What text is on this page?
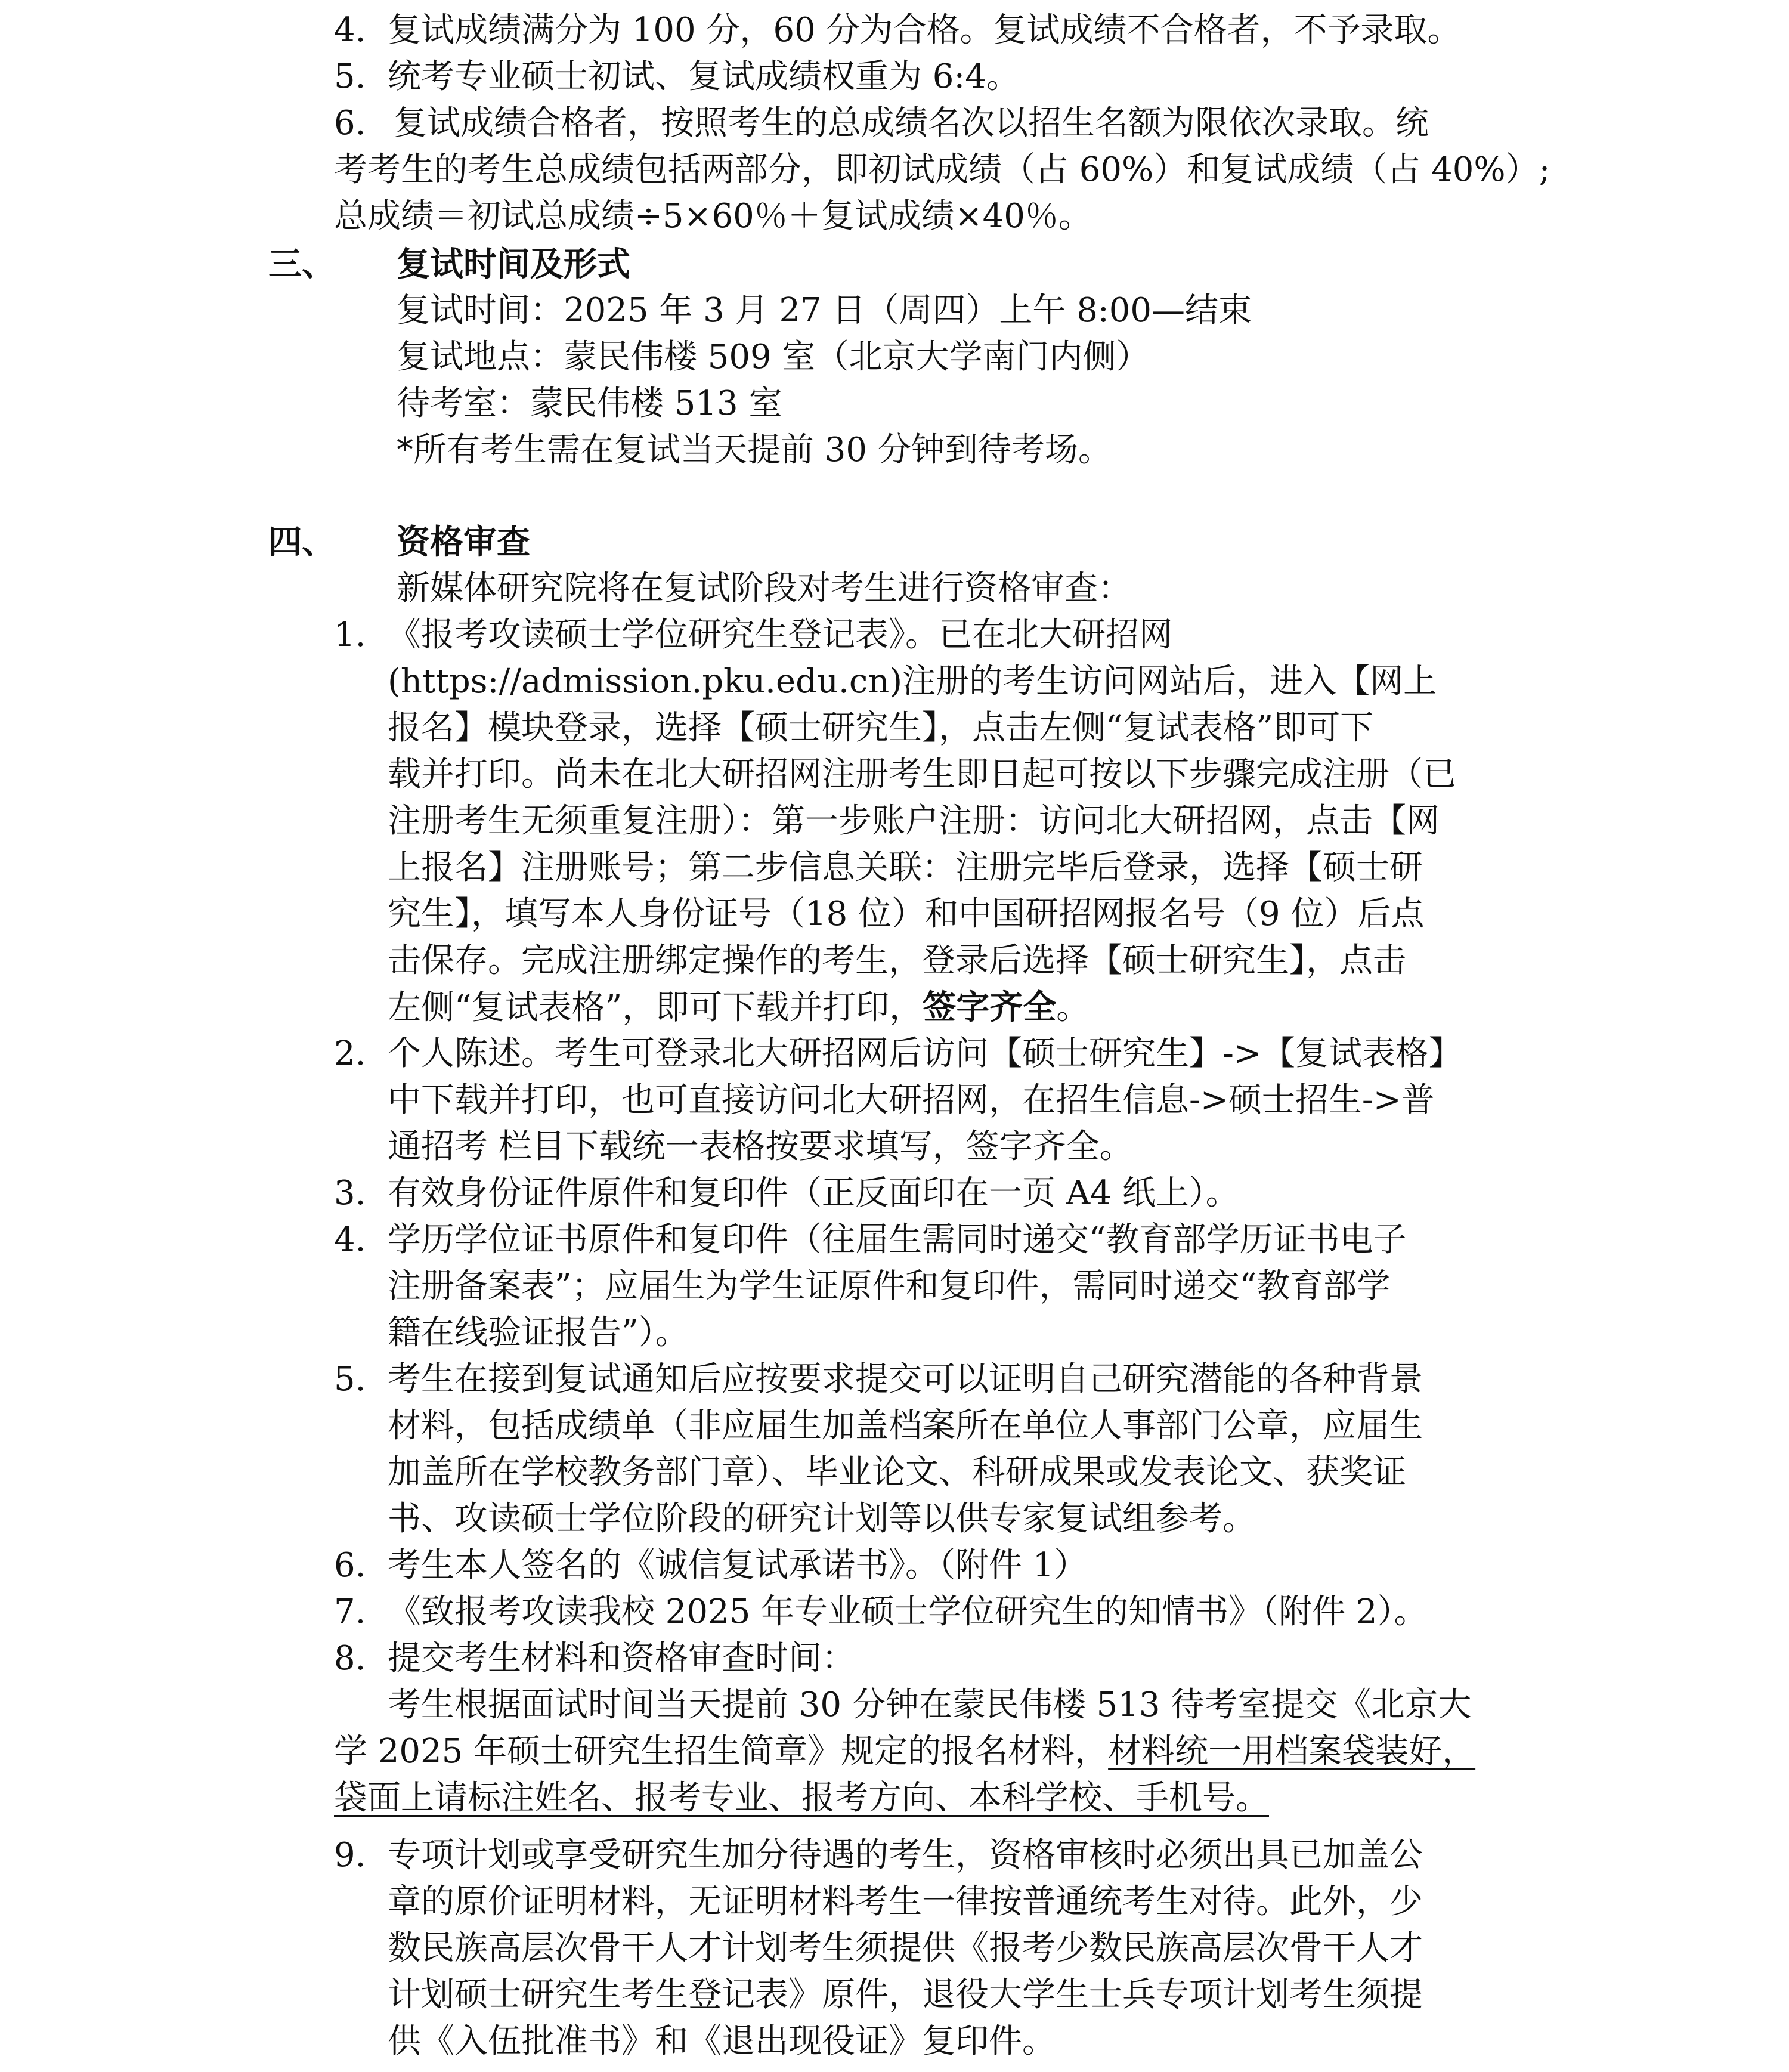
4. 复试成绩满分为 100 分，60 分为合格。复试成绩不合格者，不予录取。
5. 统考专业硕士初试、复试成绩权重为 6:4。
6. 复试成绩合格者，按照考生的总成绩名次以招生名额为限依次录取。统
考考生的考生总成绩包括两部分，即初试成绩（占 60%）和复试成绩（占 40%）;
总成绩＝初试总成绩÷5×60％＋复试成绩×40％。
三、 复试时间及形式
复试时间：2025 年 3 月 27 日（周四）上午 8:00—结束
复试地点：蒙民伟楼 509 室（北京大学南门内侧）
待考室：蒙民伟楼 513 室
*所有考生需在复试当天提前 30 分钟到待考场。
四、 资格审查
新媒体研究院将在复试阶段对考生进行资格审查：
1. 《报考攻读硕士学位研究生登记表》。已在北大研招网
(https://admission.pku.edu.cn)注册的考生访问网站后，进入【网上
报名】模块登录，选择【硕士研究生】，点击左侧“复试表格”即可下
载并打印。尚未在北大研招网注册考生即日起可按以下步骤完成注册（已
注册考生无须重复注册）：第一步账户注册：访问北大研招网，点击【网
上报名】注册账号；第二步信息关联：注册完毕后登录，选择【硕士研
究生】，填写本人身份证号（18 位）和中国研招网报名号（9 位）后点
击保存。完成注册绑定操作的考生，登录后选择【硕士研究生】，点击
左侧“复试表格”，即可下载并打印，签字齐全。
2. 个人陈述。考生可登录北大研招网后访问【硕士研究生】->【复试表格】
中下载并打印，也可直接访问北大研招网，在招生信息->硕士招生->普
通招考 栏目下载统一表格按要求填写，签字齐全。
3. 有效身份证件原件和复印件（正反面印在一页 A4 纸上）。
4. 学历学位证书原件和复印件（往届生需同时递交“教育部学历证书电子
注册备案表”；应届生为学生证原件和复印件，需同时递交“教育部学
籍在线验证报告”）。
5. 考生在接到复试通知后应按要求提交可以证明自己研究潜能的各种背景
材料，包括成绩单（非应届生加盖档案所在单位人事部门公章，应届生
加盖所在学校教务部门章）、毕业论文、科研成果或发表论文、获奖证
书、攻读硕士学位阶段的研究计划等以供专家复试组参考。
6. 考生本人签名的《诚信复试承诺书》。（附件 1）
7. 《致报考攻读我校 2025 年专业硕士学位研究生的知情书》（附件 2）。
8. 提交考生材料和资格审查时间：
考生根据面试时间当天提前 30 分钟在蒙民伟楼 513 待考室提交《北京大
学 2025 年硕士研究生招生简章》规定的报名材料，材料统一用档案袋装好，
袋面上请标注姓名、报考专业、报考方向、本科学校、手机号。
9. 专项计划或享受研究生加分待遇的考生，资格审核时必须出具已加盖公
章的原价证明材料，无证明材料考生一律按普通统考生对待。此外，少
数民族高层次骨干人才计划考生须提供《报考少数民族高层次骨干人才
计划硕士研究生考生登记表》原件，退役大学生士兵专项计划考生须提
供《入伍批准书》和《退出现役证》复印件。
